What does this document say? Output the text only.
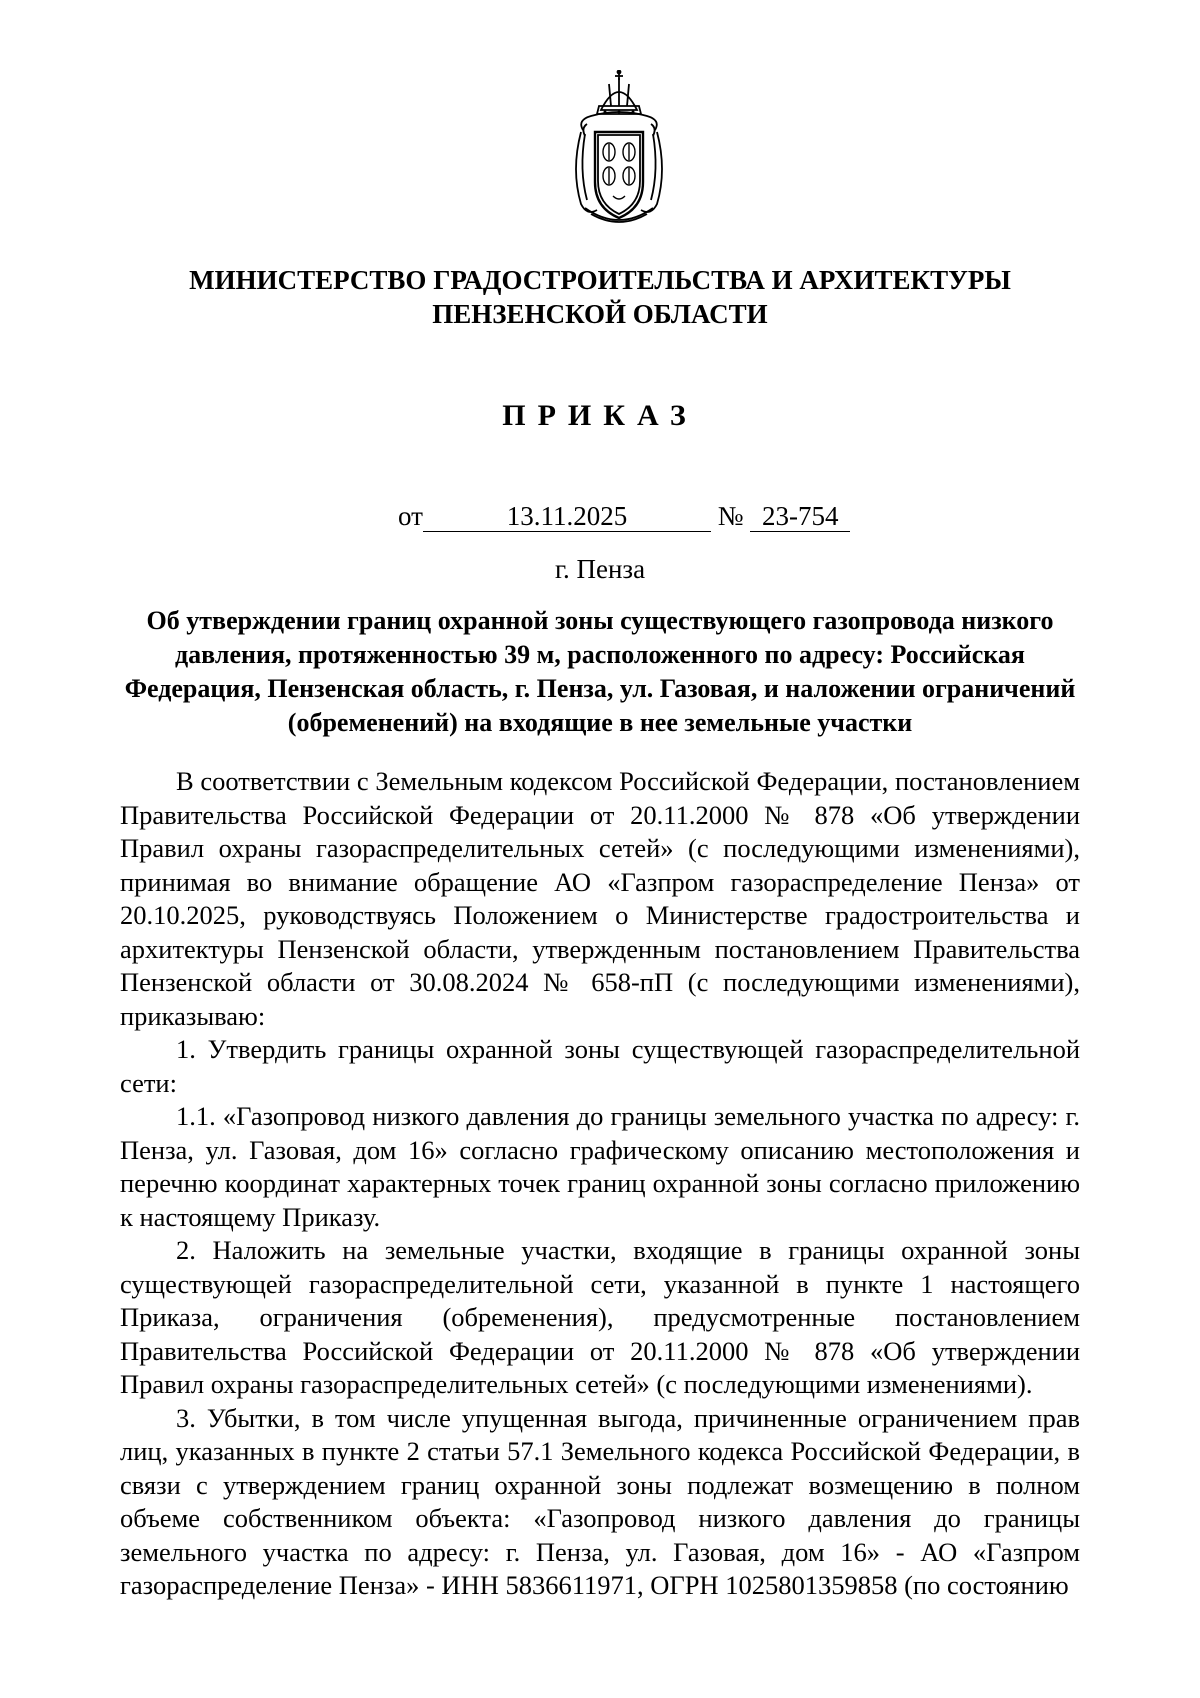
МИНИСТЕРСТВО ГРАДОСТРОИТЕЛЬСТВА И АРХИТЕКТУРЫ
ПЕНЗЕНСКОЙ ОБЛАСТИ
ПРИКАЗ
от	13.11.2025	№ 23-754
г. Пенза
Об утверждении границ охранной зоны существующего газопровода низкого давления, протяженностью 39 м, расположенного по адресу: Российская Федерация, Пензенская область, г. Пенза, ул. Газовая, и наложении ограничений (обременений) на входящие в нее земельные участки

В соответствии с Земельным кодексом Российской Федерации, постановлением Правительства Российской Федерации от 20.11.2000 № 878 «Об утверждении Правил охраны газораспределительных сетей» (с последующими изменениями), принимая во внимание обращение АО «Газпром газораспределение Пенза» от 20.10.2025, руководствуясь Положением о Министерстве градостроительства и архитектуры Пензенской области, утвержденным постановлением Правительства Пензенской области от 30.08.2024 № 658-пП (с последующими изменениями), приказываю:

1. Утвердить границы охранной зоны существующей газораспределительной сети:

1.1. «Газопровод низкого давления до границы земельного участка по адресу: г. Пенза, ул. Газовая, дом 16» согласно графическому описанию местоположения и перечню координат характерных точек границ охранной зоны согласно приложению к настоящему Приказу.

2. Наложить на земельные участки, входящие в границы охранной зоны существующей газораспределительной сети, указанной в пункте 1 настоящего Приказа, ограничения (обременения), предусмотренные постановлением Правительства Российской Федерации от 20.11.2000 № 878 «Об утверждении Правил охраны газораспределительных сетей» (с последующими изменениями).

3. Убытки, в том числе упущенная выгода, причиненные ограничением прав лиц, указанных в пункте 2 статьи 57.1 Земельного кодекса Российской Федерации, в связи с утверждением границ охранной зоны подлежат возмещению в полном объеме собственником объекта: «Газопровод низкого давления до границы земельного участка по адресу: г. Пенза, ул. Газовая, дом 16» - АО «Газпром газораспределение Пенза» - ИНН 5836611971, ОГРН 1025801359858 (по состоянию
